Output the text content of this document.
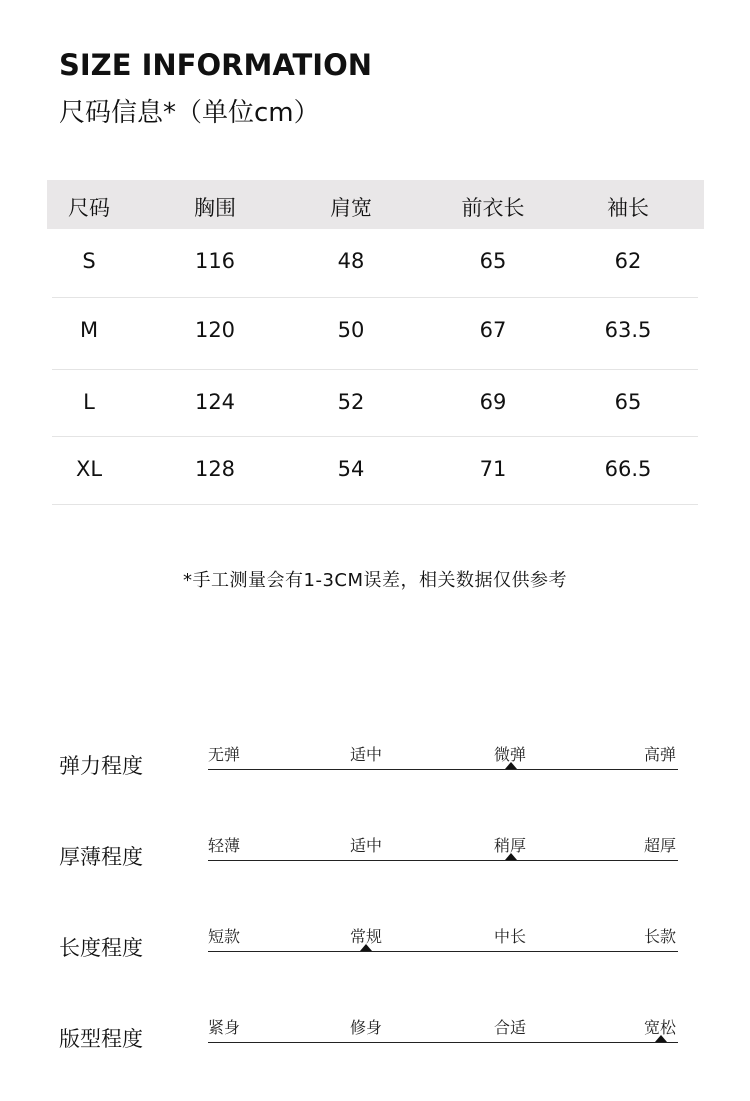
SIZE INFORMATION
尺码信息*（单位cm）
尺码	胸围	肩宽	前衣长	袖长
S	116	48	65	62
M	120	50	67	63.5
L	124	52	69	65
XL	128	54	71	66.5
*手工测量会有1-3CM误差，相关数据仅供参考
弹力程度	无弹	适中	微弹	高弹
厚薄程度	轻薄	适中	稍厚	超厚
长度程度	短款	常规	中长	长款
版型程度	紧身	修身	合适	宽松
